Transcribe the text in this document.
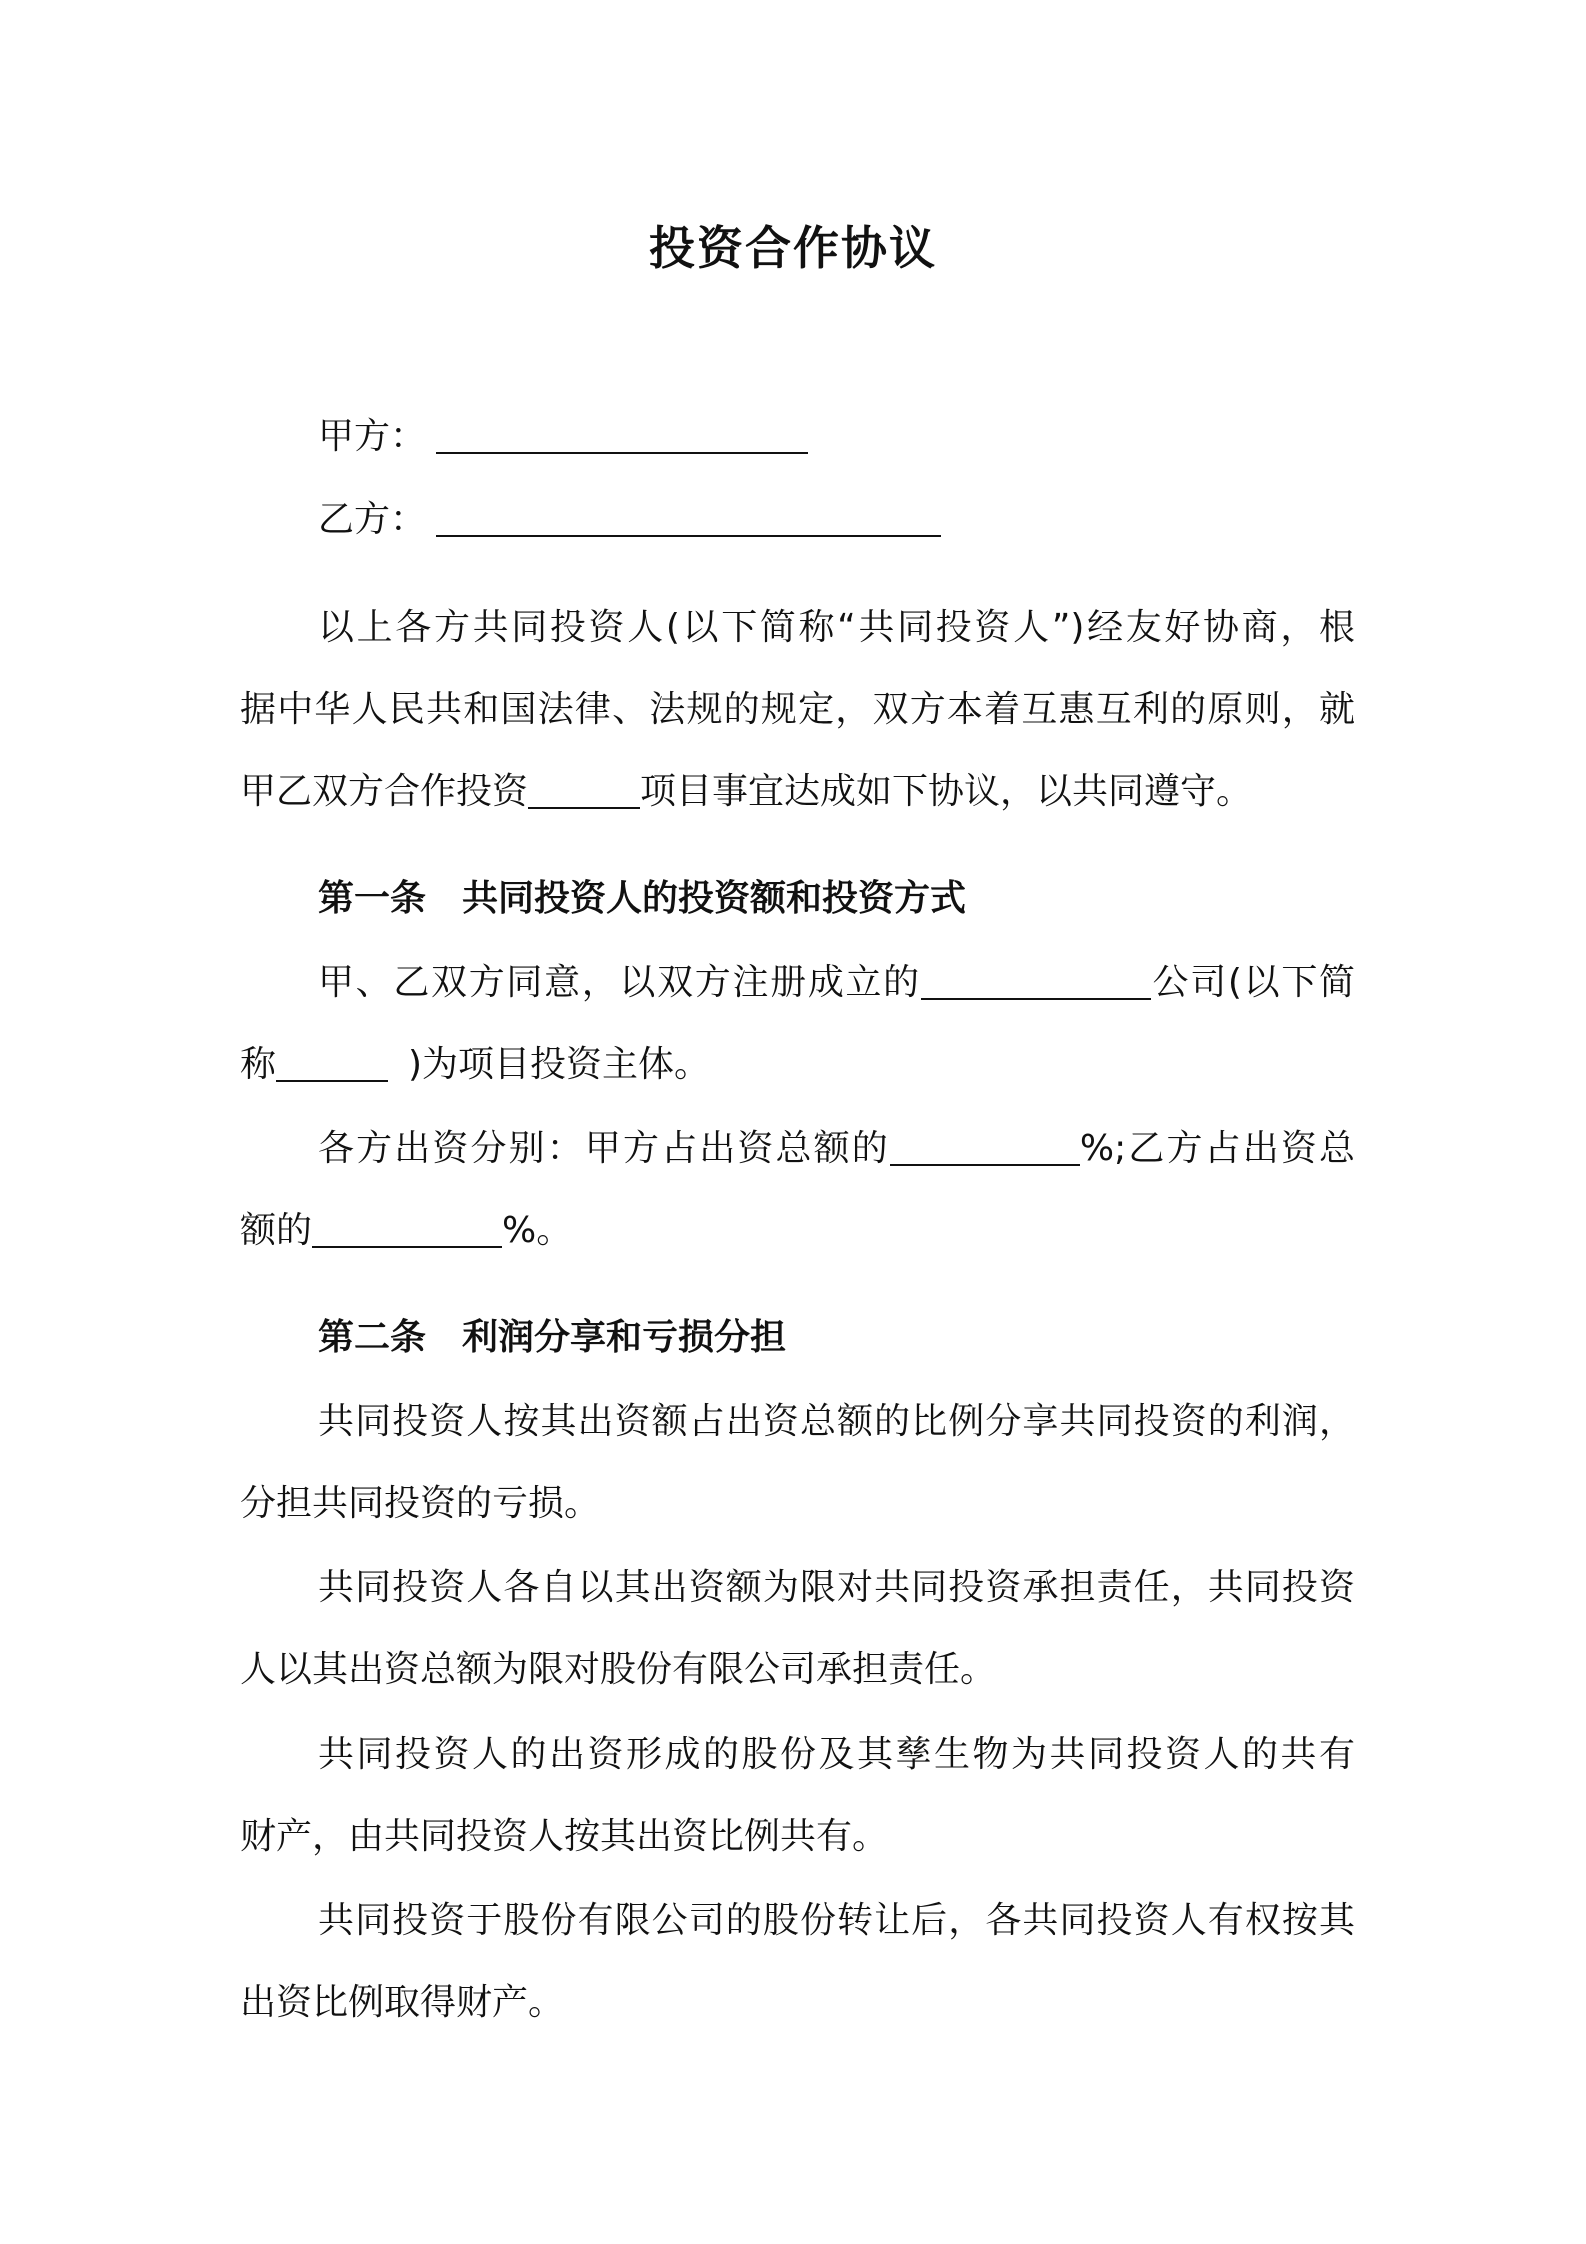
投资合作协议
甲方：
乙方：
以上各方共同投资人(以下简称“共同投资人”)经友好协商，根
据中华人民共和国法律、法规的规定，双方本着互惠互利的原则，就
甲乙双方合作投资	项目事宜达成如下协议，以共同遵守。
第一条 共同投资人的投资额和投资方式
甲、乙双方同意，以双方注册成立的	公司(以下简
称	)为项目投资主体。
各方出资分别：甲方占出资总额的	%;乙方占出资总
额的	%。
第二条 利润分享和亏损分担
共同投资人按其出资额占出资总额的比例分享共同投资的利润，
分担共同投资的亏损。
共同投资人各自以其出资额为限对共同投资承担责任，共同投资
人以其出资总额为限对股份有限公司承担责任。
共同投资人的出资形成的股份及其孳生物为共同投资人的共有
财产，由共同投资人按其出资比例共有。
共同投资于股份有限公司的股份转让后，各共同投资人有权按其
出资比例取得财产。
